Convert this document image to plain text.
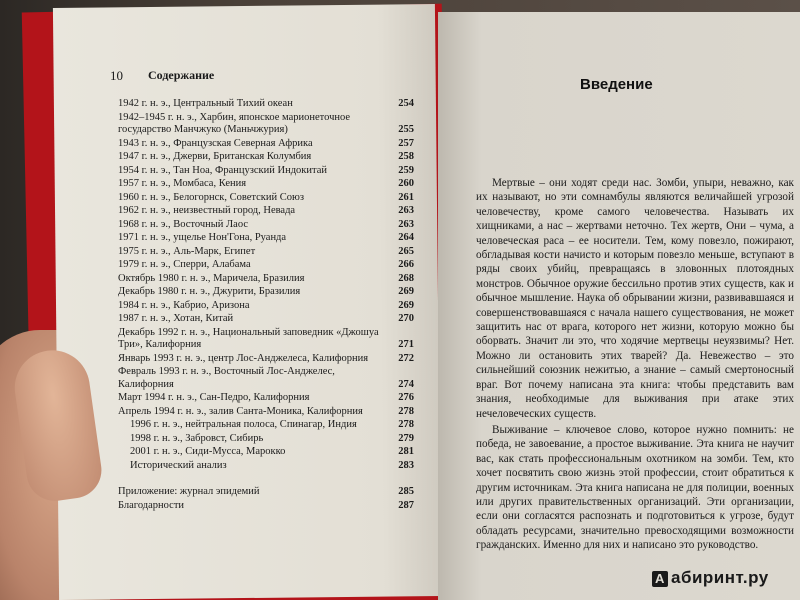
10 Содержание
1942 г. н. э., Центральный Тихий океан	254
1942–1945 г. н. э., Харбин, японское марионеточное государство Манчжуко (Маньчжурия)	255
1943 г. н. э., Французская Северная Африка	257
1947 г. н. э., Джерви, Британская Колумбия	258
1954 г. н. э., Тан Ноа, Французский Индокитай	259
1957 г. н. э., Момбаса, Кения	260
1960 г. н. э., Белогорнск, Советский Союз	261
1962 г. н. э., неизвестный город, Невада	263
1968 г. н. э., Восточный Лаос	263
1971 г. н. э., ущелье Нон'Гона, Руанда	264
1975 г. н. э., Аль-Марк, Египет	265
1979 г. н. э., Сперри, Алабама	266
Октябрь 1980 г. н. э., Маричела, Бразилия	268
Декабрь 1980 г. н. э., Джурити, Бразилия	269
1984 г. н. э., Кабрио, Аризона	269
1987 г. н. э., Хотан, Китай	270
Декабрь 1992 г. н. э., Национальный заповедник «Джошуа Три», Калифорния	271
Январь 1993 г. н. э., центр Лос-Анджелеса, Калифорния	272
Февраль 1993 г. н. э., Восточный Лос-Анджелес, Калифорния	274
Март 1994 г. н. э., Сан-Педро, Калифорния	276
Апрель 1994 г. н. э., залив Санта-Моника, Калифорния	278
1996 г. н. э., нейтральная полоса, Спинагар, Индия	278
1998 г. н. э., Забровст, Сибирь	279
2001 г. н. э., Сиди-Мусса, Марокко	281
Исторический анализ	283
Приложение: журнал эпидемий	285
Благодарности	287
Введение

Мертвые – они ходят среди нас. Зомби, упыри, неважно, как их называют, но эти сомнамбулы являются величайшей угрозой человечеству, кроме самого человечества. Называть их хищниками, а нас – жертвами неточно. Тех жертв, Они – чума, а человеческая раса – ее носители. Тем, кому повезло, пожирают, обгладывая кости начисто и которым повезло меньше, вступают в ряды своих убийц, превращаясь в зловонных плотоядных монстров. Обычное оружие бессильно против этих существ, как и обычное мышление. Наука об обрывании жизни, развивавшаяся и совершенствовавшаяся с начала нашего существования, не может защитить нас от врага, которого нет жизни, которую можно бы оборвать. Значит ли это, что ходячие мертвецы неуязвимы? Нет. Можно ли остановить этих тварей? Да. Невежество – это сильнейший союзник нежитью, а знание – самый смертоносный враг. Вот почему написана эта книга: чтобы представить вам знания, необходимые для выживания при атаке этих нечеловеческих существ.

Выживание – ключевое слово, которое нужно помнить: не победа, не завоевание, а простое выживание. Эта книга не научит вас, как стать профессиональным охотником на зомби. Тем, кто хочет посвятить свою жизнь этой профессии, стоит обратиться к другим источникам. Эта книга написана не для полиции, военных или других правительственных организаций. Эти организации, если они согласятся распознать и подготовиться к угрозе, будут обладать ресурсами, значительно превосходящими возможности гражданских. Именно для них и написано это руководство.

А абиринт.ру
